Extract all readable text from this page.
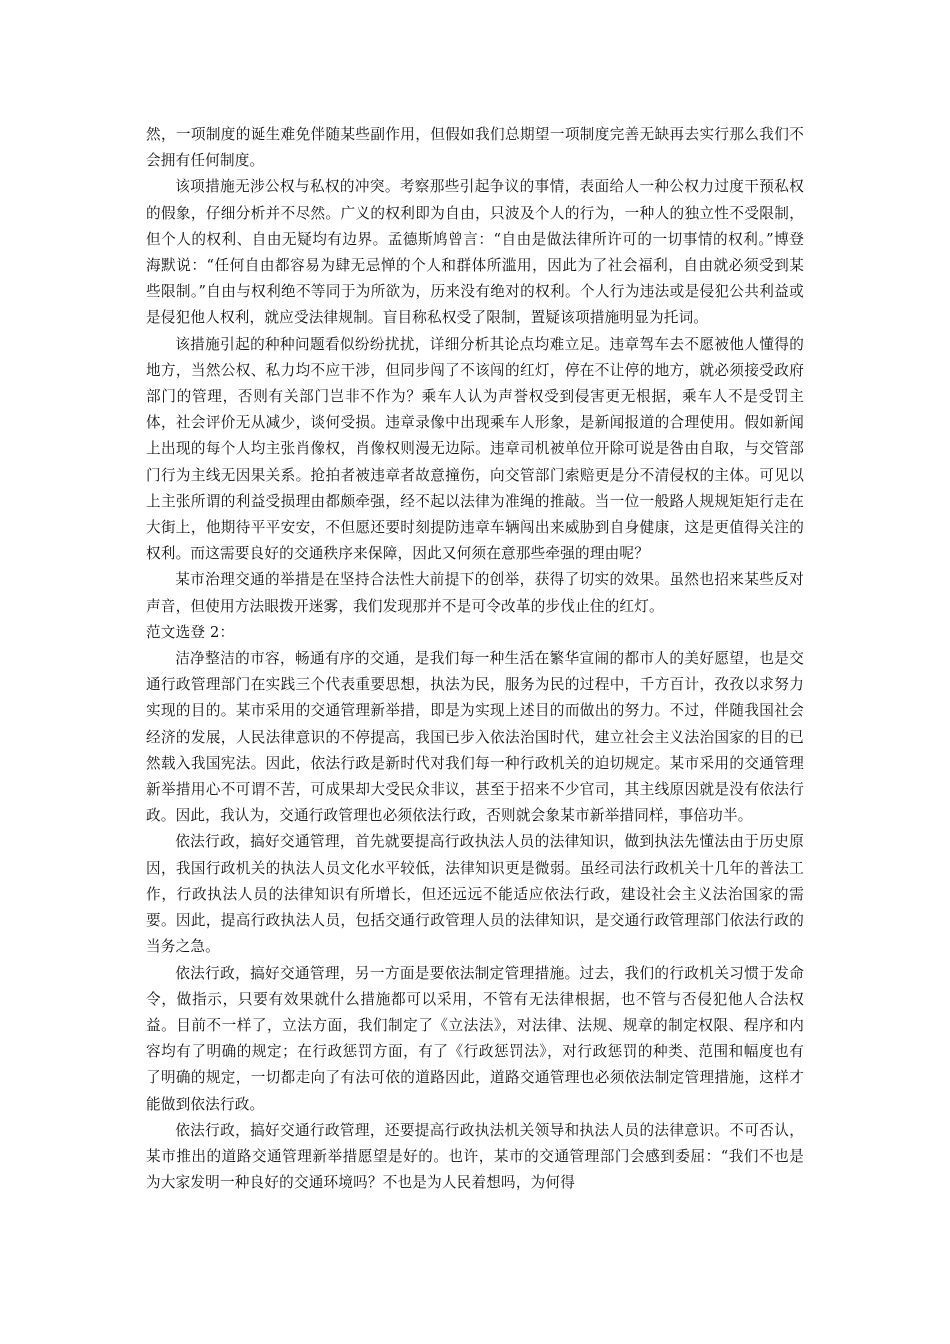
然，一项制度的诞生难免伴随某些副作用，但假如我们总期望一项制度完善无缺再去实行那么我们不会拥有任何制度。

该项措施无涉公权与私权的冲突。考察那些引起争议的事情，表面给人一种公权力过度干预私权的假象，仔细分析并不尽然。广义的权利即为自由，只波及个人的行为，一种人的独立性不受限制，但个人的权利、自由无疑均有边界。孟德斯鸠曾言：“自由是做法律所许可的一切事情的权利。”博登海默说：“任何自由都容易为肆无忌惮的个人和群体所滥用，因此为了社会福利，自由就必须受到某些限制。”自由与权利绝不等同于为所欲为，历来没有绝对的权利。个人行为违法或是侵犯公共利益或是侵犯他人权利，就应受法律规制。盲目称私权受了限制，置疑该项措施明显为托词。

该措施引起的种种问题看似纷纷扰扰，详细分析其论点均难立足。违章驾车去不愿被他人懂得的地方，当然公权、私力均不应干涉，但同步闯了不该闯的红灯，停在不让停的地方，就必须接受政府部门的管理，否则有关部门岂非不作为？乘车人认为声誉权受到侵害更无根据，乘车人不是受罚主体，社会评价无从减少，谈何受损。违章录像中出现乘车人形象，是新闻报道的合理使用。假如新闻上出现的每个人均主张肖像权，肖像权则漫无边际。违章司机被单位开除可说是咎由自取，与交管部门行为主线无因果关系。抢拍者被违章者故意撞伤，向交管部门索赔更是分不清侵权的主体。可见以上主张所谓的利益受损理由都颇牵强，经不起以法律为准绳的推敲。当一位一般路人规规矩矩行走在大街上，他期待平平安安，不但愿还要时刻提防违章车辆闯出来威胁到自身健康，这是更值得关注的权利。而这需要良好的交通秩序来保障，因此又何须在意那些牵强的理由呢？

某市治理交通的举措是在坚持合法性大前提下的创举，获得了切实的效果。虽然也招来某些反对声音，但使用方法眼拨开迷雾，我们发现那并不是可令改革的步伐止住的红灯。

范文选登 2：

洁净整洁的市容，畅通有序的交通，是我们每一种生活在繁华宣闹的都市人的美好愿望，也是交通行政管理部门在实践三个代表重要思想，执法为民，服务为民的过程中，千方百计，孜孜以求努力实现的目的。某市采用的交通管理新举措，即是为实现上述目的而做出的努力。不过，伴随我国社会经济的发展，人民法律意识的不停提高，我国已步入依法治国时代，建立社会主义法治国家的目的已然载入我国宪法。因此，依法行政是新时代对我们每一种行政机关的迫切规定。某市采用的交通管理新举措用心不可谓不苦，可成果却大受民众非议，甚至于招来不少官司，其主线原因就是没有依法行政。因此，我认为，交通行政管理也必须依法行政，否则就会象某市新举措同样，事倍功半。

依法行政，搞好交通管理，首先就要提高行政执法人员的法律知识，做到执法先懂法由于历史原因，我国行政机关的执法人员文化水平较低，法律知识更是微弱。虽经司法行政机关十几年的普法工作，行政执法人员的法律知识有所增长，但还远远不能适应依法行政，建设社会主义法治国家的需要。因此，提高行政执法人员，包括交通行政管理人员的法律知识，是交通行政管理部门依法行政的当务之急。

依法行政，搞好交通管理，另一方面是要依法制定管理措施。过去，我们的行政机关习惯于发命令，做指示，只要有效果就什么措施都可以采用，不管有无法律根据，也不管与否侵犯他人合法权益。目前不一样了，立法方面，我们制定了《立法法》，对法律、法规、规章的制定权限、程序和内容均有了明确的规定；在行政惩罚方面，有了《行政惩罚法》，对行政惩罚的种类、范围和幅度也有了明确的规定，一切都走向了有法可依的道路因此，道路交通管理也必须依法制定管理措施，这样才能做到依法行政。

依法行政，搞好交通行政管理，还要提高行政执法机关领导和执法人员的法律意识。不可否认，某市推出的道路交通管理新举措愿望是好的。也许，某市的交通管理部门会感到委屈：“我们不也是为大家发明一种良好的交通环境吗？不也是为人民着想吗，为何得
